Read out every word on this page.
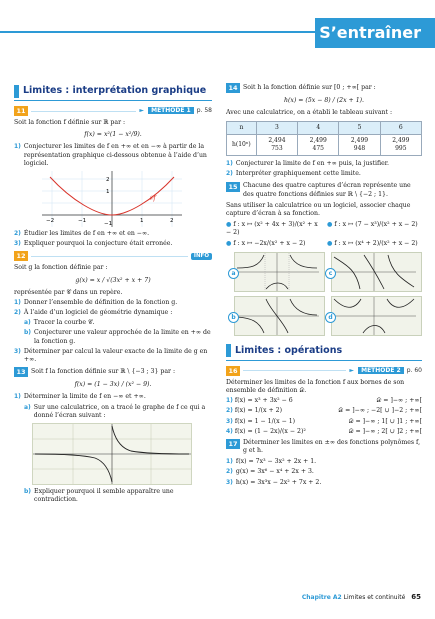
S’entraîner
Limites : interprétation graphique
11	► MÉTHODE 1	p. 58

Soit la fonction f définie sur ℝ par :

f(x) = x²(1 − x²/9).
1) Conjecturer les limites de f en +∞ et en −∞ à partir de la représentation graphique ci-dessous obtenue à l’aide d’un logiciel.
𝒞f
2
1
−1
−2	−1	1	2
2) Étudier les limites de f en +∞ et en −∞.
3) Expliquer pourquoi la conjecture était erronée.
12	INFO

Soit g la fonction définie par :

g(x) = x / √(3x² + x + 7)

représentée par 𝒞 dans un repère.

1) Donner l’ensemble de définition de la fonction g.
2) À l’aide d’un logiciel de géométrie dynamique :
a) Tracer la courbe 𝒞.
b) Conjecturer une valeur approchée de la limite en +∞ de la fonction g.
3) Déterminer par calcul la valeur exacte de la limite de g en +∞.
13 Soit f la fonction définie sur ℝ \ {−3 ; 3} par :
f(x) = (1 − 3x) / (x² − 9).
1) Déterminer la limite de f en −∞ et +∞.
a) Sur une calculatrice, on a tracé le graphe de f ce qui a donné l’écran suivant :
b) Expliquer pourquoi il semble apparaître une contradiction.
14 Soit h la fonction définie sur [0 ; +∞[ par :
h(x) = (5x − 8) / (2x + 1).

Avec une calculatrice, on a établi le tableau suivant :

n	3	4	5	6
h(10ⁿ)	2,494 753	2,499 475	2,499 948	2,499 995
1) Conjecturer la limite de f en +∞ puis, la justifier.
2) Interpréter graphiquement cette limite.
15 Chacune des quatre captures d’écran représente une des quatre fonctions définies sur ℝ \ {−2 ; 1}.

Sans utiliser la calculatrice ou un logiciel, associer chaque capture d’écran à sa fonction.

● f : x ↦ (x² + 4x + 3)/(x² + x − 2)
● f : x ↦ (7 − x³)/(x² + x − 2)
● f : x ↦ −2x/(x² + x − 2)	● f : x ↦ (x⁴ + 2)/(x² + x − 2)
a	c
b	d
Limites : opérations
16	► MÉTHODE 2	p. 60

Déterminer les limites de la fonction f aux bornes de son ensemble de définition 𝒟.

1) f(x) = x³ + 3x² − 6	𝒟 = ]−∞ ; +∞[
2) f(x) = 1/(x + 2)	𝒟 = ]−∞ ; −2[ ∪ ]−2 ; +∞[
3) f(x) = 1 − 1/(x − 1)	𝒟 = ]−∞ ; 1[ ∪ ]1 ; +∞[
4) f(x) = (1 − 2x)/(x − 2)²	𝒟 = ]−∞ ; 2[ ∪ ]2 ; +∞[
17 Déterminer les limites en ±∞ des fonctions polynômes f, g et h.
1) f(x) = 7x³ − 3x² + 2x + 1.
2) g(x) = 3x⁶ − x⁴ + 2x + 3.
3) h(x) = 3x³x − 2x² + 7x + 2.
Chapitre A2 Limites et continuité 65
